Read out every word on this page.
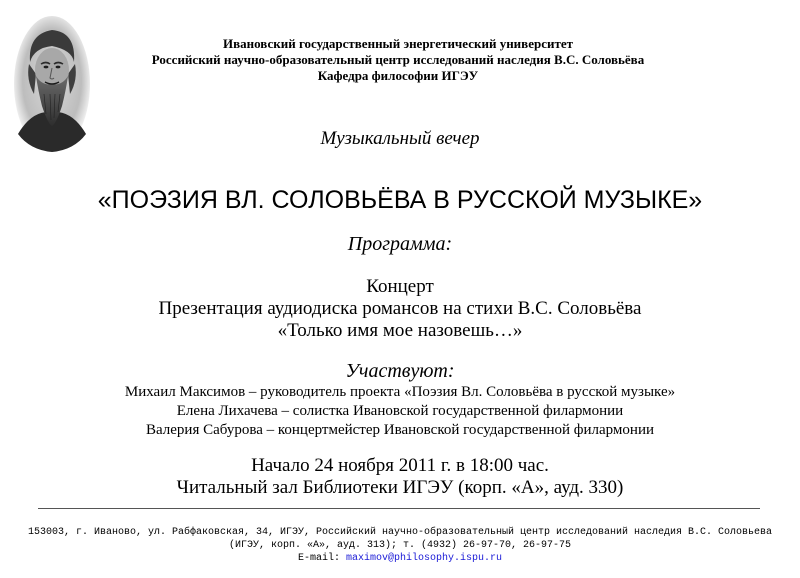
Ивановский государственный энергетический университет
Российский научно-образовательный центр исследований наследия В.С. Соловьёва
Кафедра философии ИГЭУ
Музыкальный вечер
«ПОЭЗИЯ ВЛ. СОЛОВЬЁВА В РУССКОЙ МУЗЫКЕ»
Программа:
Концерт
Презентация аудиодиска романсов на стихи В.С. Соловьёва
«Только имя мое назовешь…»
Участвуют:
Михаил Максимов – руководитель проекта «Поэзия Вл. Соловьёва в русской музыке»
Елена Лихачева – солистка Ивановской государственной филармонии
Валерия Сабурова – концертмейстер Ивановской государственной филармонии
Начало 24 ноября 2011 г. в 18:00 час.
Читальный зал Библиотеки ИГЭУ (корп. «А», ауд. 330)
153003, г. Иваново, ул. Рабфаковская, 34, ИГЭУ, Российский научно-образовательный центр исследований наследия В.С. Соловьева
(ИГЭУ, корп. «А», ауд. 313); т. (4932) 26-97-70, 26-97-75
E-mail: maximov@philosophy.ispu.ru
